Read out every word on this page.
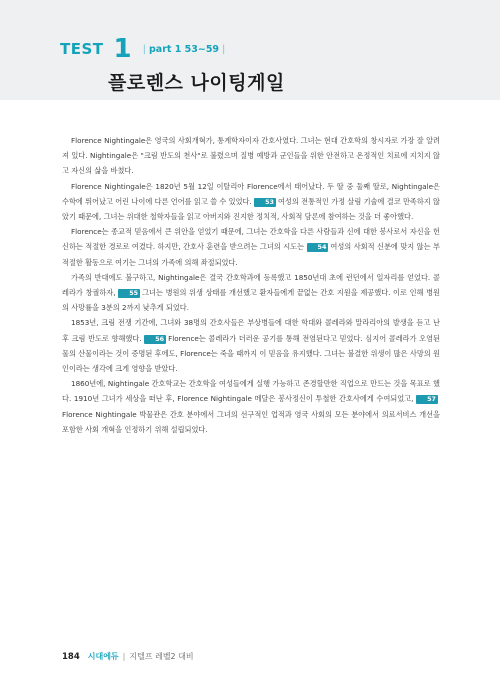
TEST 1	| part 1 53~59 |
플로렌스 나이팅게일

Florence Nightingale은 영국의 사회개혁가, 통계학자이자 간호사였다. 그녀는 현대 간호학의 창시자로 가장 잘 알려져 있다. Nightingale은 "크림 반도의 천사"로 불렸으며 질병 예방과 군인들을 위한 안전하고 온정적인 치료에 지치지 않고 자신의 삶을 바쳤다.

Florence Nightingale은 1820년 5월 12일 이탈리아 Florence에서 태어났다. 두 딸 중 둘째 딸로, Nightingale은 수학에 뛰어났고 어린 나이에 다른 언어를 읽고 쓸 수 있었다. 53 여성의 전통적인 가정 살림 기술에 결코 만족하지 않았기 때문에, 그녀는 위대한 철학자들을 읽고 아버지와 진지한 정치적, 사회적 담론에 참여하는 것을 더 좋아했다.

Florence는 종교적 믿음에서 큰 위안을 얻었기 때문에, 그녀는 간호학을 다른 사람들과 신에 대한 봉사로서 자신을 헌신하는 적절한 경로로 여겼다. 하지만, 간호사 훈련을 받으려는 그녀의 시도는 54 여성의 사회적 신분에 맞지 않는 부적절한 활동으로 여기는 그녀의 가족에 의해 좌절되었다.

가족의 반대에도 불구하고, Nightingale은 결국 간호학과에 등록했고 1850년대 초에 런던에서 일자리를 얻었다. 콜레라가 창궐하자, 55 그녀는 병원의 위생 상태를 개선했고 환자들에게 끝없는 간호 지원을 제공했다. 이로 인해 병원의 사망률을 3분의 2까지 낮추게 되었다.

1853년, 크림 전쟁 기간에, 그녀와 38명의 간호사들은 부상병들에 대한 학대와 콜레라와 말라리아의 발생을 듣고 난 후 크림 반도로 향해했다. 56 Florence는 콜레라가 더러운 공기를 통해 전염된다고 믿었다. 심지어 콜레라가 오염된 물의 산물이라는 것이 증명된 후에도, Florence는 죽을 때까지 이 믿음을 유지했다. 그녀는 불결한 위생이 많은 사망의 원인이라는 생각에 크게 영향을 받았다.

1860년에, Nightingale 간호학교는 간호학을 여성들에게 실행 가능하고 존경할만한 직업으로 만드는 것을 목표로 했다. 1910년 그녀가 세상을 떠난 후, Florence Nightingale 메달은 봉사정신이 투철한 간호사에게 수여되었고, 57Florence Nightingale 박물관은 간호 분야에서 그녀의 선구적인 업적과 영국 사회의 모든 분야에서 의료서비스 개선을 포함한 사회 개혁을 인정하기 위해 설립되었다.

184 시대에듀 | 지텔프 레벨2 대비
